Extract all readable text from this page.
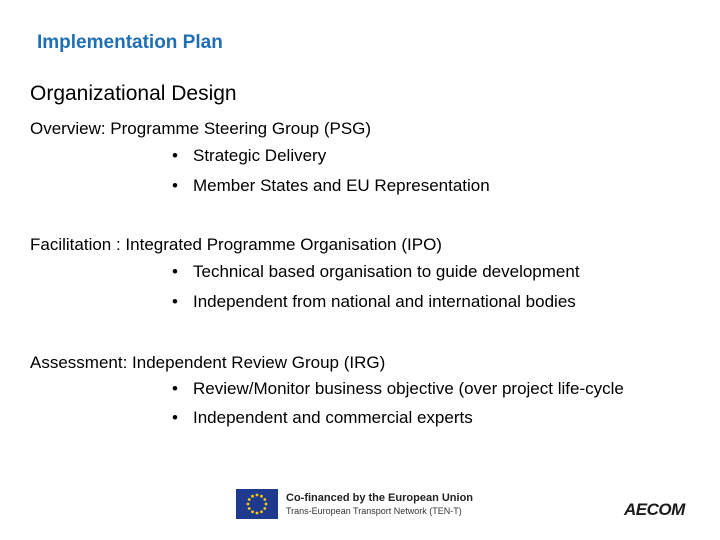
Implementation Plan
Organizational Design

Overview: Programme Steering Group (PSG)

• Strategic Delivery
• Member States and EU Representation

Facilitation : Integrated Programme Organisation (IPO)

• Technical based organisation to guide development
• Independent from national and international bodies

Assessment: Independent Review Group (IRG)

• Review/Monitor business objective (over project life-cycle
• Independent and commercial experts
Co-financed by the European Union
Trans-European Transport Network (TEN-T)	AECOM
